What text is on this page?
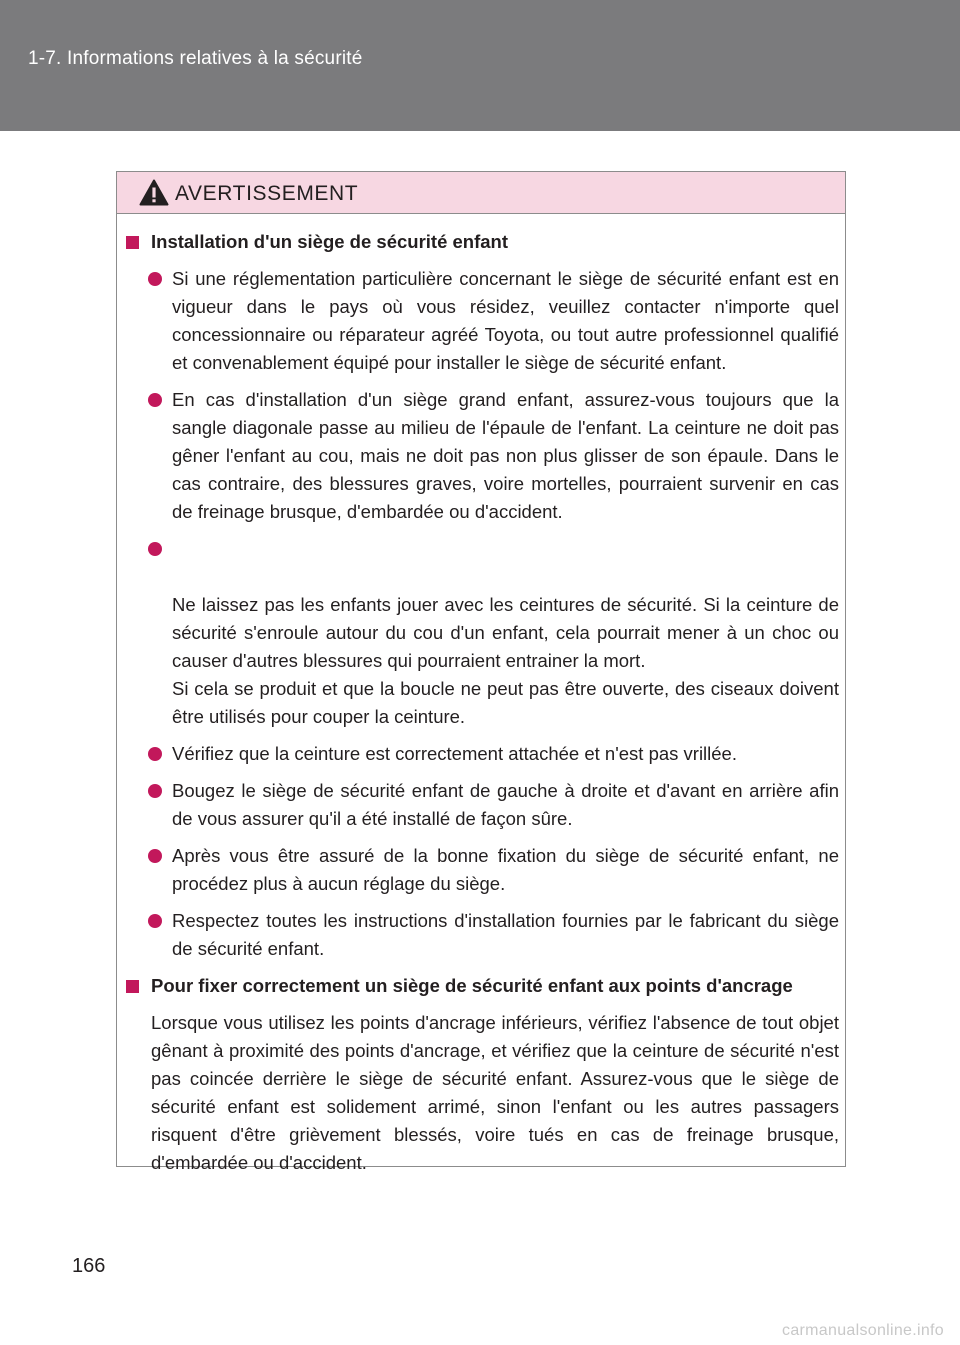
1-7. Informations relatives à la sécurité
AVERTISSEMENT
Installation d'un siège de sécurité enfant
Si une réglementation particulière concernant le siège de sécurité enfant est en vigueur dans le pays où vous résidez, veuillez contacter n'importe quel concessionnaire ou réparateur agréé Toyota, ou tout autre professionnel qualifié et convenablement équipé pour installer le siège de sécurité enfant.
En cas d'installation d'un siège grand enfant, assurez-vous toujours que la sangle diagonale passe au milieu de l'épaule de l'enfant. La ceinture ne doit pas gêner l'enfant au cou, mais ne doit pas non plus glisser de son épaule. Dans le cas contraire, des blessures graves, voire mortelles, pourraient survenir en cas de freinage brusque, d'embardée ou d'accident.

Ne laissez pas les enfants jouer avec les ceintures de sécurité. Si la ceinture de sécurité s'enroule autour du cou d'un enfant, cela pourrait mener à un choc ou causer d'autres blessures qui pourraient entrainer la mort.
Si cela se produit et que la boucle ne peut pas être ouverte, des ciseaux doivent être utilisés pour couper la ceinture.

Vérifiez que la ceinture est correctement attachée et n'est pas vrillée.
Bougez le siège de sécurité enfant de gauche à droite et d'avant en arrière afin de vous assurer qu'il a été installé de façon sûre.
Après vous être assuré de la bonne fixation du siège de sécurité enfant, ne procédez plus à aucun réglage du siège.
Respectez toutes les instructions d'installation fournies par le fabricant du siège de sécurité enfant.
Pour fixer correctement un siège de sécurité enfant aux points d'ancrage
Lorsque vous utilisez les points d'ancrage inférieurs, vérifiez l'absence de tout objet gênant à proximité des points d'ancrage, et vérifiez que la ceinture de sécurité n'est pas coincée derrière le siège de sécurité enfant. Assurez-vous que le siège de sécurité enfant est solidement arrimé, sinon l'enfant ou les autres passagers risquent d'être grièvement blessés, voire tués en cas de freinage brusque, d'embardée ou d'accident.
166
carmanualsonline.info
